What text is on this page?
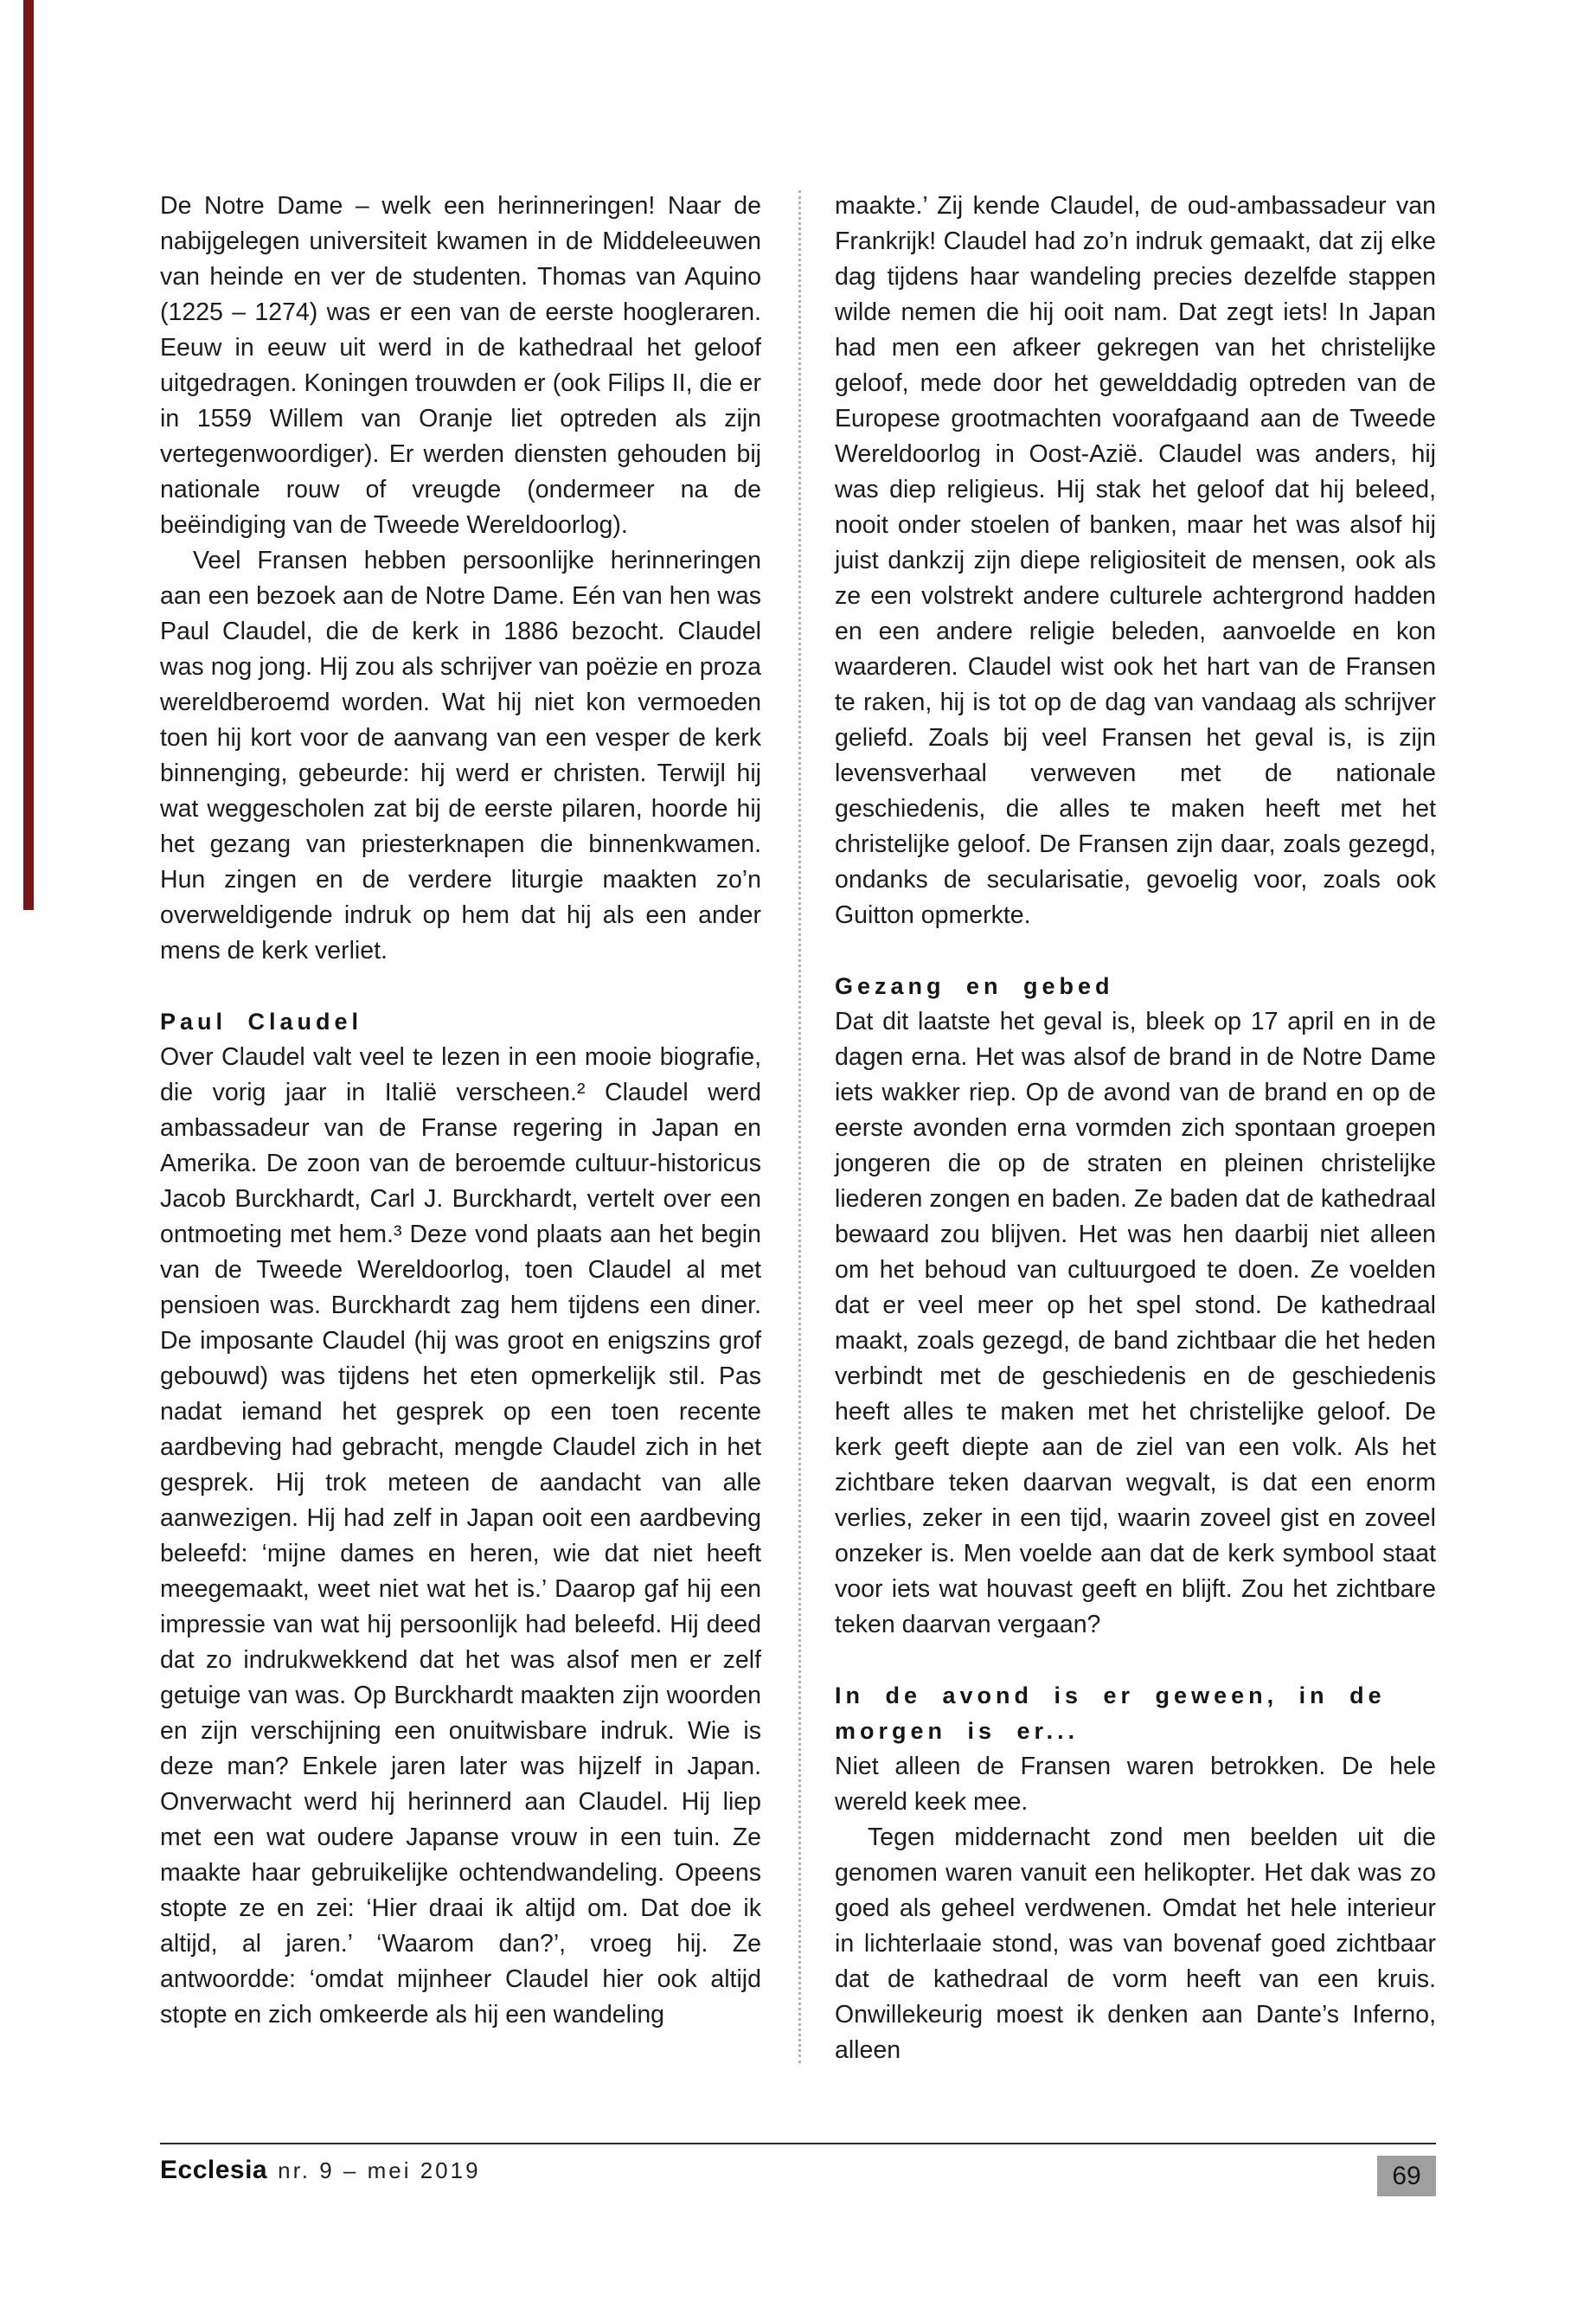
De Notre Dame – welk een herinneringen! Naar de nabijgelegen universiteit kwamen in de Middeleeuwen van heinde en ver de studenten. Thomas van Aquino (1225 – 1274) was er een van de eerste hoogleraren. Eeuw in eeuw uit werd in de kathedraal het geloof uitgedragen. Koningen trouwden er (ook Filips II, die er in 1559 Willem van Oranje liet optreden als zijn vertegenwoordiger). Er werden diensten gehouden bij nationale rouw of vreugde (ondermeer na de beëindiging van de Tweede Wereldoorlog).

Veel Fransen hebben persoonlijke herinneringen aan een bezoek aan de Notre Dame. Eén van hen was Paul Claudel, die de kerk in 1886 bezocht. Claudel was nog jong. Hij zou als schrijver van poëzie en proza wereldberoemd worden. Wat hij niet kon vermoeden toen hij kort voor de aanvang van een vesper de kerk binnenging, gebeurde: hij werd er christen. Terwijl hij wat weggescholen zat bij de eerste pilaren, hoorde hij het gezang van priesterknapen die binnenkwamen. Hun zingen en de verdere liturgie maakten zo’n overweldigende indruk op hem dat hij als een ander mens de kerk verliet.

Paul Claudel

Over Claudel valt veel te lezen in een mooie biografie, die vorig jaar in Italië verscheen.² Claudel werd ambassadeur van de Franse regering in Japan en Amerika. De zoon van de beroemde cultuur-historicus Jacob Burckhardt, Carl J. Burckhardt, vertelt over een ontmoeting met hem.³ Deze vond plaats aan het begin van de Tweede Wereldoorlog, toen Claudel al met pensioen was. Burckhardt zag hem tijdens een diner. De imposante Claudel (hij was groot en enigszins grof gebouwd) was tijdens het eten opmerkelijk stil. Pas nadat iemand het gesprek op een toen recente aardbeving had gebracht, mengde Claudel zich in het gesprek. Hij trok meteen de aandacht van alle aanwezigen. Hij had zelf in Japan ooit een aardbeving beleefd: ‘mijne dames en heren, wie dat niet heeft meegemaakt, weet niet wat het is.’ Daarop gaf hij een impressie van wat hij persoonlijk had beleefd. Hij deed dat zo indrukwekkend dat het was alsof men er zelf getuige van was. Op Burckhardt maakten zijn woorden en zijn verschijning een onuitwisbare indruk. Wie is deze man? Enkele jaren later was hijzelf in Japan. Onverwacht werd hij herinnerd aan Claudel. Hij liep met een wat oudere Japanse vrouw in een tuin. Ze maakte haar gebruikelijke ochtendwandeling. Opeens stopte ze en zei: ‘Hier draai ik altijd om. Dat doe ik altijd, al jaren.’ ‘Waarom dan?’, vroeg hij. Ze antwoordde: ‘omdat mijnheer Claudel hier ook altijd stopte en zich omkeerde als hij een wandeling

maakte.’ Zij kende Claudel, de oud-ambassadeur van Frankrijk! Claudel had zo’n indruk gemaakt, dat zij elke dag tijdens haar wandeling precies dezelfde stappen wilde nemen die hij ooit nam. Dat zegt iets! In Japan had men een afkeer gekregen van het christelijke geloof, mede door het gewelddadig optreden van de Europese grootmachten voorafgaand aan de Tweede Wereldoorlog in Oost-Azië. Claudel was anders, hij was diep religieus. Hij stak het geloof dat hij beleed, nooit onder stoelen of banken, maar het was alsof hij juist dankzij zijn diepe religiositeit de mensen, ook als ze een volstrekt andere culturele achtergrond hadden en een andere religie beleden, aanvoelde en kon waarderen. Claudel wist ook het hart van de Fransen te raken, hij is tot op de dag van vandaag als schrijver geliefd. Zoals bij veel Fransen het geval is, is zijn levensverhaal verweven met de nationale geschiedenis, die alles te maken heeft met het christelijke geloof. De Fransen zijn daar, zoals gezegd, ondanks de secularisatie, gevoelig voor, zoals ook Guitton opmerkte.

Gezang en gebed

Dat dit laatste het geval is, bleek op 17 april en in de dagen erna. Het was alsof de brand in de Notre Dame iets wakker riep. Op de avond van de brand en op de eerste avonden erna vormden zich spontaan groepen jongeren die op de straten en pleinen christelijke liederen zongen en baden. Ze baden dat de kathedraal bewaard zou blijven. Het was hen daarbij niet alleen om het behoud van cultuurgoed te doen. Ze voelden dat er veel meer op het spel stond. De kathedraal maakt, zoals gezegd, de band zichtbaar die het heden verbindt met de geschiedenis en de geschiedenis heeft alles te maken met het christelijke geloof. De kerk geeft diepte aan de ziel van een volk. Als het zichtbare teken daarvan wegvalt, is dat een enorm verlies, zeker in een tijd, waarin zoveel gist en zoveel onzeker is. Men voelde aan dat de kerk symbool staat voor iets wat houvast geeft en blijft. Zou het zichtbare teken daarvan vergaan?

In de avond is er geween, in de morgen is er...

Niet alleen de Fransen waren betrokken. De hele wereld keek mee.

Tegen middernacht zond men beelden uit die genomen waren vanuit een helikopter. Het dak was zo goed als geheel verdwenen. Omdat het hele interieur in lichterlaaie stond, was van bovenaf goed zichtbaar dat de kathedraal de vorm heeft van een kruis. Onwillekeurig moest ik denken aan Dante’s Inferno, alleen

Ecclesia nr. 9 – mei 2019	69
